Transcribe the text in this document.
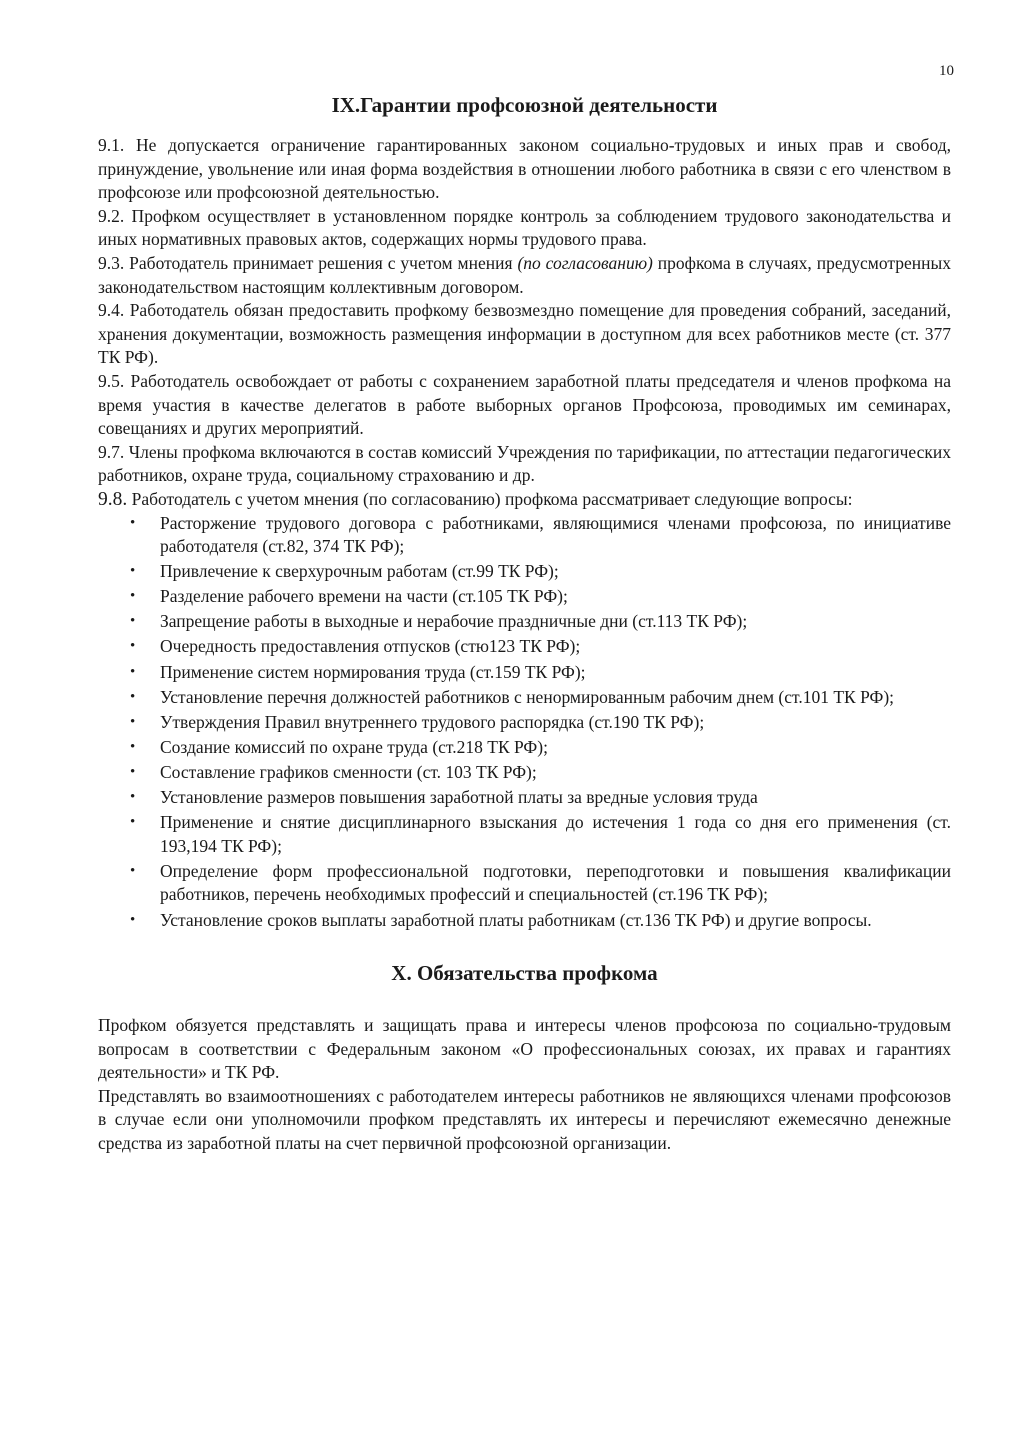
10
IX.Гарантии профсоюзной деятельности

9.1. Не допускается ограничение гарантированных законом социально-трудовых и иных прав и свобод, принуждение, увольнение или иная форма воздействия в отношении любого работника в связи с его членством в профсоюзе или профсоюзной деятельностью.

9.2. Профком осуществляет в установленном порядке контроль за соблюдением трудового законодательства и иных нормативных правовых актов, содержащих нормы трудового права.

9.3. Работодатель принимает решения с учетом мнения (по согласованию) профкома в случаях, предусмотренных законодательством настоящим коллективным договором.

9.4. Работодатель обязан предоставить профкому безвозмездно помещение для проведения собраний, заседаний, хранения документации, возможность размещения информации в доступном для всех работников месте (ст. 377 ТК РФ).

9.5. Работодатель освобождает от работы с сохранением заработной платы председателя и членов профкома на время участия в качестве делегатов в работе выборных органов Профсоюза, проводимых им семинарах, совещаниях и других мероприятий.

9.7. Члены профкома включаются в состав комиссий Учреждения по тарификации, по аттестации педагогических работников, охране труда, социальному страхованию и др.

9.8. Работодатель с учетом мнения (по согласованию) профкома рассматривает следующие вопросы:

• Расторжение трудового договора с работниками, являющимися членами профсоюза, по инициативе работодателя (ст.82, 374 ТК РФ);
• Привлечение к сверхурочным работам (ст.99 ТК РФ);
• Разделение рабочего времени на части (ст.105 ТК РФ);
• Запрещение работы в выходные и нерабочие праздничные дни (ст.113 ТК РФ);
• Очередность предоставления отпусков (стю123 ТК РФ);
• Применение систем нормирования труда (ст.159 ТК РФ);
• Установление перечня должностей работников с ненормированным рабочим днем (ст.101 ТК РФ);
• Утверждения Правил внутреннего трудового распорядка (ст.190 ТК РФ);
• Создание комиссий по охране труда (ст.218 ТК РФ);
• Составление графиков сменности (ст. 103 ТК РФ);
• Установление размеров повышения заработной платы за вредные условия труда
• Применение и снятие дисциплинарного взыскания до истечения 1 года со дня его применения (ст. 193,194 ТК РФ);
• Определение форм профессиональной подготовки, переподготовки и повышения квалификации работников, перечень необходимых профессий и специальностей (ст.196 ТК РФ);
• Установление сроков выплаты заработной платы работникам (ст.136 ТК РФ) и другие вопросы.
X. Обязательства профкома

Профком обязуется представлять и защищать права и интересы членов профсоюза по социально-трудовым вопросам в соответствии с Федеральным законом «О профессиональных союзах, их правах и гарантиях деятельности» и ТК РФ.

Представлять во взаимоотношениях с работодателем интересы работников не являющихся членами профсоюзов в случае если они уполномочили профком представлять их интересы и перечисляют ежемесячно денежные средства из заработной платы на счет первичной профсоюзной организации.
